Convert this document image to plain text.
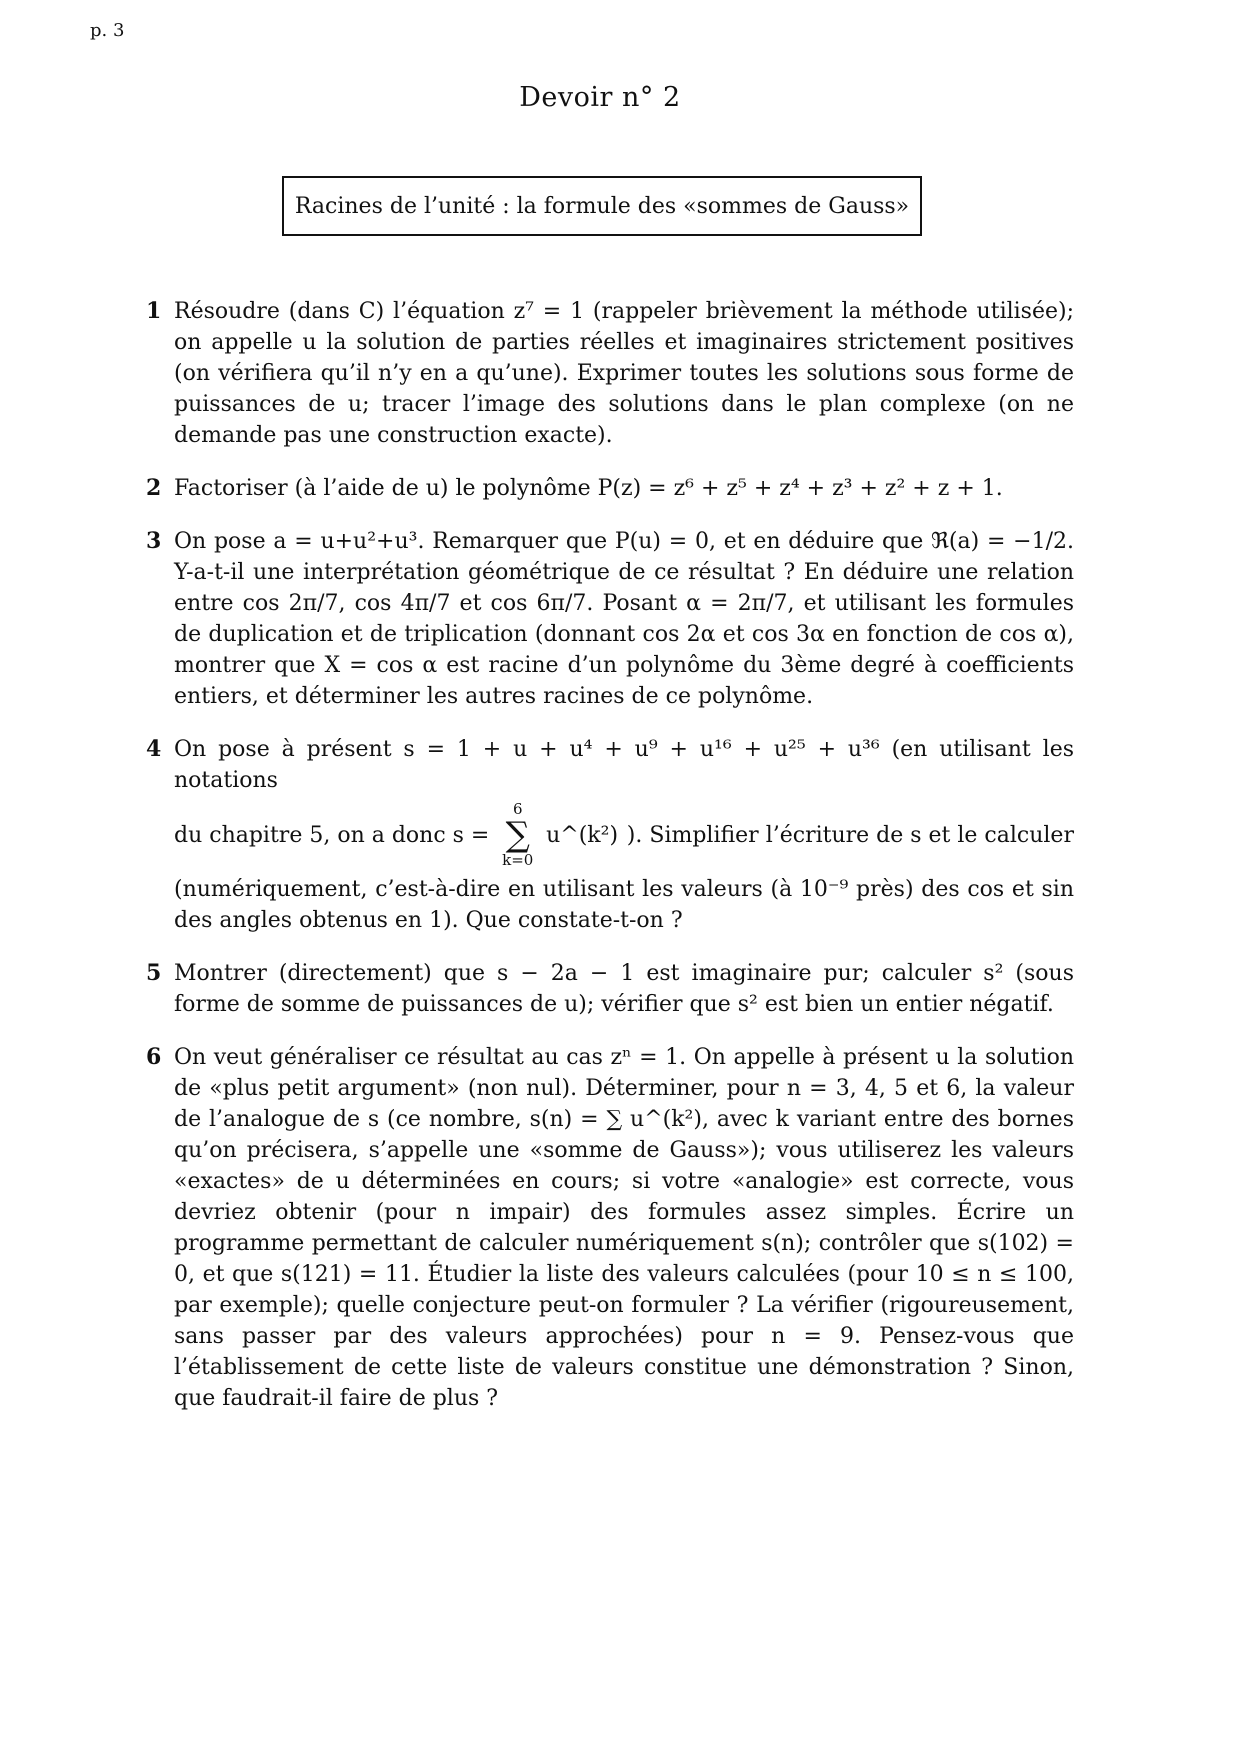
p. 3
Devoir n° 2
Racines de l’unité : la formule des «sommes de Gauss»
1 Résoudre (dans C) l’équation z⁷ = 1 (rappeler brièvement la méthode utilisée); on appelle u la solution de parties réelles et imaginaires strictement positives (on vérifiera qu’il n’y en a qu’une). Exprimer toutes les solutions sous forme de puissances de u; tracer l’image des solutions dans le plan complexe (on ne demande pas une construction exacte).
2 Factoriser (à l’aide de u) le polynôme P(z) = z⁶ + z⁵ + z⁴ + z³ + z² + z + 1.
3 On pose a = u+u²+u³. Remarquer que P(u) = 0, et en déduire que ℜ(a) = −1/2. Y-a-t-il une interprétation géométrique de ce résultat ? En déduire une relation entre cos 2π/7, cos 4π/7 et cos 6π/7. Posant α = 2π/7, et utilisant les formules de duplication et de triplication (donnant cos 2α et cos 3α en fonction de cos α), montrer que X = cos α est racine d’un polynôme du 3ème degré à coefficients entiers, et déterminer les autres racines de ce polynôme.
4 On pose à présent s = 1 + u + u⁴ + u⁹ + u¹⁶ + u²⁵ + u³⁶ (en utilisant les notations
du chapitre 5, on a donc s =
6
∑
k=0
u^(k²) ). Simplifier l’écriture de s et le calculer
(numériquement, c’est-à-dire en utilisant les valeurs (à 10⁻⁹ près) des cos et sin des angles obtenus en 1). Que constate-t-on ?
5 Montrer (directement) que s − 2a − 1 est imaginaire pur; calculer s² (sous forme de somme de puissances de u); vérifier que s² est bien un entier négatif.
6 On veut généraliser ce résultat au cas zⁿ = 1. On appelle à présent u la solution de «plus petit argument» (non nul). Déterminer, pour n = 3, 4, 5 et 6, la valeur de l’analogue de s (ce nombre, s(n) = ∑ u^(k²), avec k variant entre des bornes qu’on précisera, s’appelle une «somme de Gauss»); vous utiliserez les valeurs «exactes» de u déterminées en cours; si votre «analogie» est correcte, vous devriez obtenir (pour n impair) des formules assez simples. Écrire un programme permettant de calculer numériquement s(n); contrôler que s(102) = 0, et que s(121) = 11. Étudier la liste des valeurs calculées (pour 10 ≤ n ≤ 100, par exemple); quelle conjecture peut-on formuler ? La vérifier (rigoureusement, sans passer par des valeurs approchées) pour n = 9. Pensez-vous que l’établissement de cette liste de valeurs constitue une démonstration ? Sinon, que faudrait-il faire de plus ?
